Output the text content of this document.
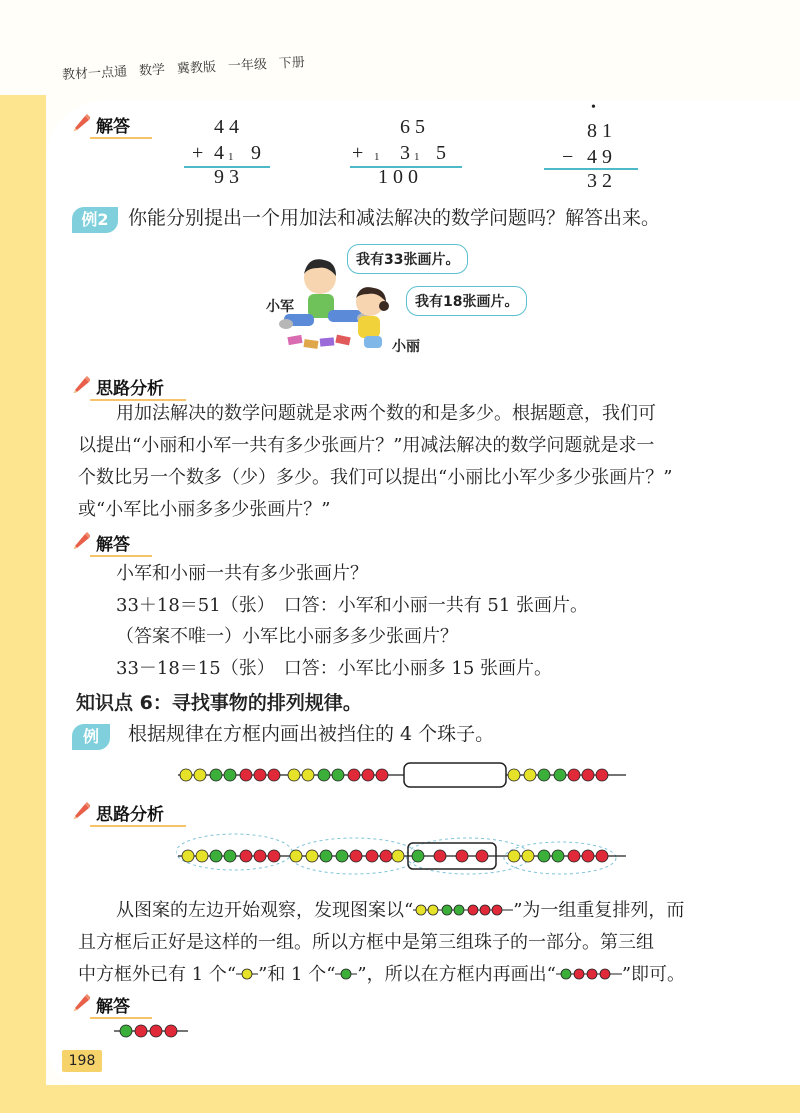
教材一点通 数学 冀教版 一年级 下册
解答	4 4
+ 4 1 9
9 3
6 5
+ 1 3 1 5
1 0 0
•
8 1
− 4 9
3 2
例2	你能分别提出一个用加法和减法解决的数学问题吗？解答出来。
我有33张画片。
我有18张画片。
小军
小丽
思路分析
用加法解决的数学问题就是求两个数的和是多少。根据题意，我们可
以提出“小丽和小军一共有多少张画片？”用减法解决的数学问题就是求一
个数比另一个数多（少）多少。我们可以提出“小丽比小军少多少张画片？”
或“小军比小丽多多少张画片？”
解答
小军和小丽一共有多少张画片？
33＋18＝51（张）　口答：小军和小丽一共有 51 张画片。
（答案不唯一）小军比小丽多多少张画片？
33－18＝15（张）　口答：小军比小丽多 15 张画片。
知识点 6：寻找事物的排列规律。
例	根据规律在方框内画出被挡住的 4 个珠子。
思路分析
从图案的左边开始观察，发现图案以“	”为一组重复排列，而
且方框后正好是这样的一组。所以方框中是第三组珠子的一部分。第三组
中方框外已有 1 个“ ”和 1 个“ ”，所以在方框内再画出“	”即可。
解答
198
